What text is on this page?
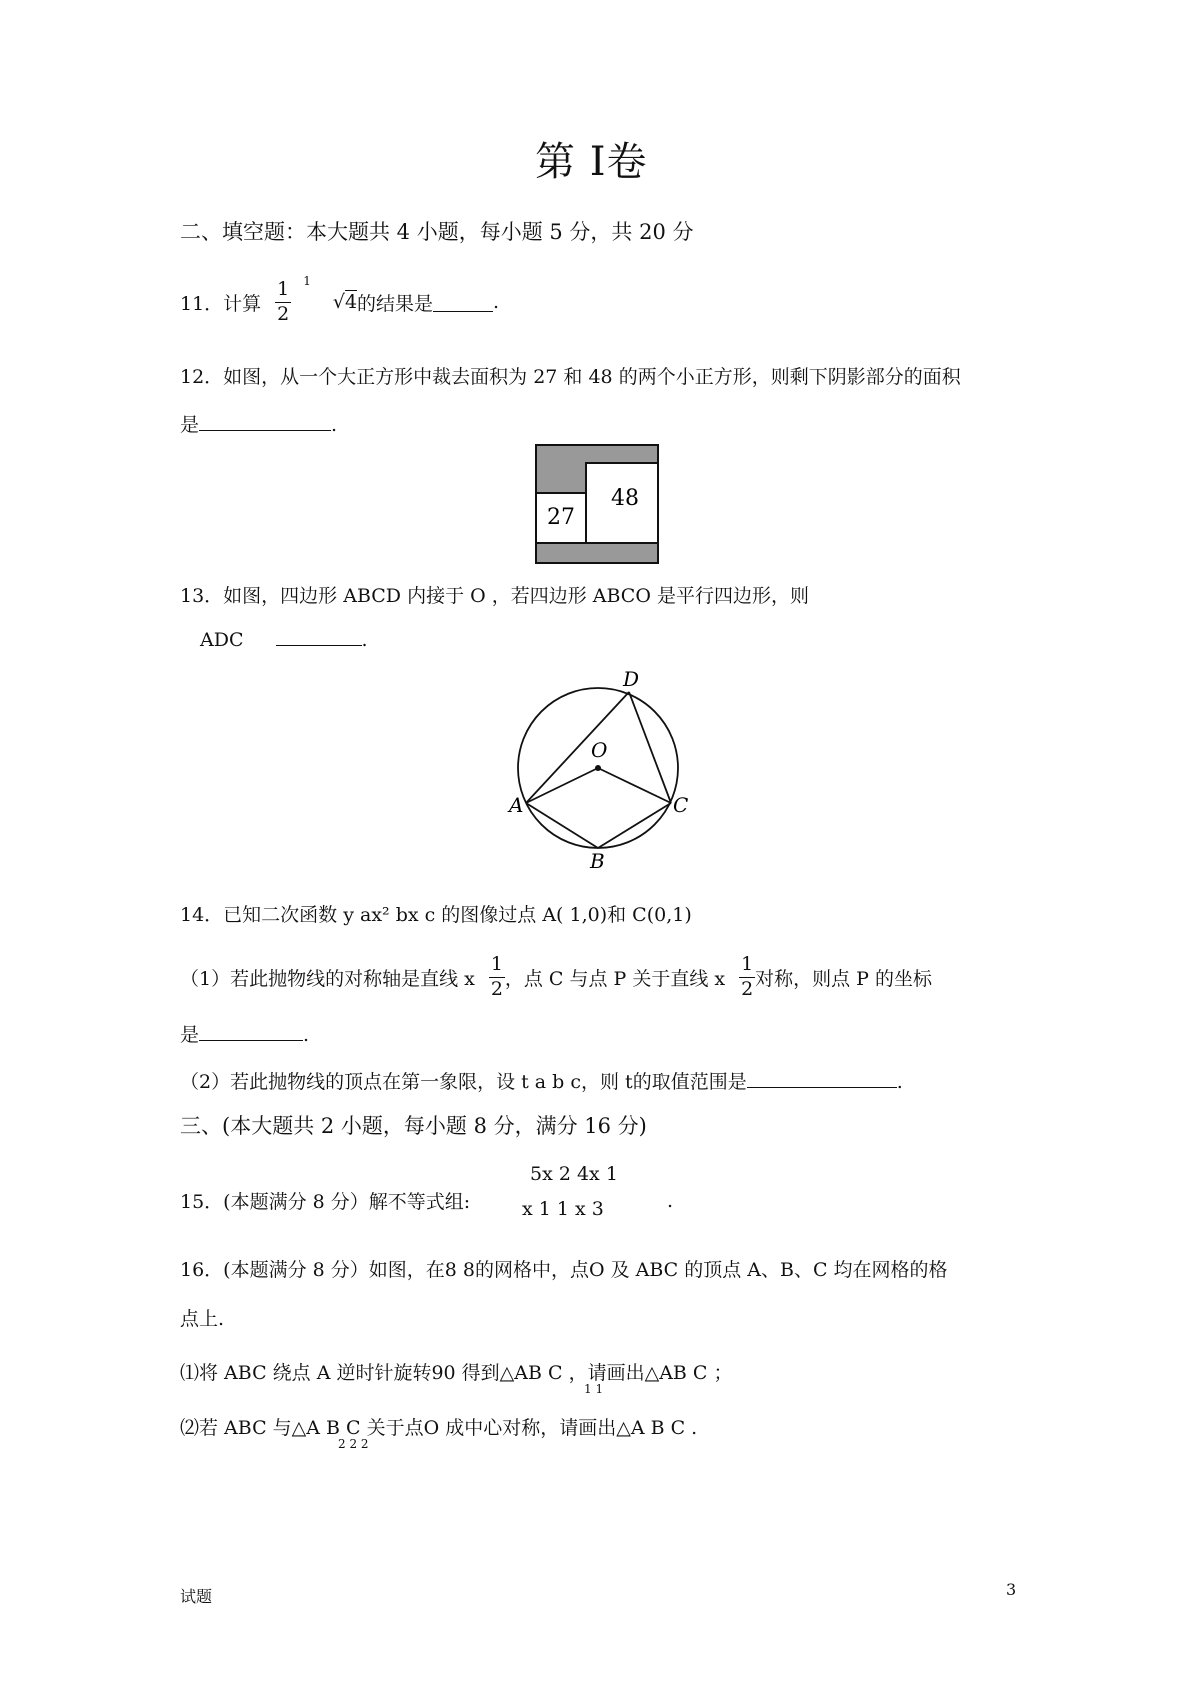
第 I卷
二、填空题：本大题共 4 小题，每小题 5 分，共 20 分
11．计算 $\frac{1}{2} 1$
√4 的结果是	.
12．如图，从一个大正方形中裁去面积为 27 和 48 的两个小正方形，则剩下阴影部分的面积
是	.
48
27
13．如图，四边形 ABCD 内接于 O ，若四边形 ABCO 是平行四边形，则
ADC	.
D
O
A	C
B
14．已知二次函数 y ax² bx c 的图像过点 A( 1,0)和 C(0,1)
（1）若此抛物线的对称轴是直线 x $\frac{1}{2}$ ，点 C 与点 P 关于直线 x $\frac{1}{2}$ 对称，则点 P 的坐标
是	.
（2）若此抛物线的顶点在第一象限，设 t a b c，则 t的取值范围是	.
三、(本大题共 2 小题，每小题 8 分，满分 16 分)
15．(本题满分 8 分）解不等式组:
5x 2 4x 1
x 1 1 x 3	.
16．(本题满分 8 分）如图，在8 8的网格中，点O 及 ABC 的顶点 A、B、C 均在网格的格
点上.
⑴将 ABC 绕点 A 逆时针旋转90 得到△AB C ，请画出△AB C ；
1 1
⑵若 ABC 与△A B C 关于点O 成中心对称，请画出△A B C .
2 2 2
试题	3
